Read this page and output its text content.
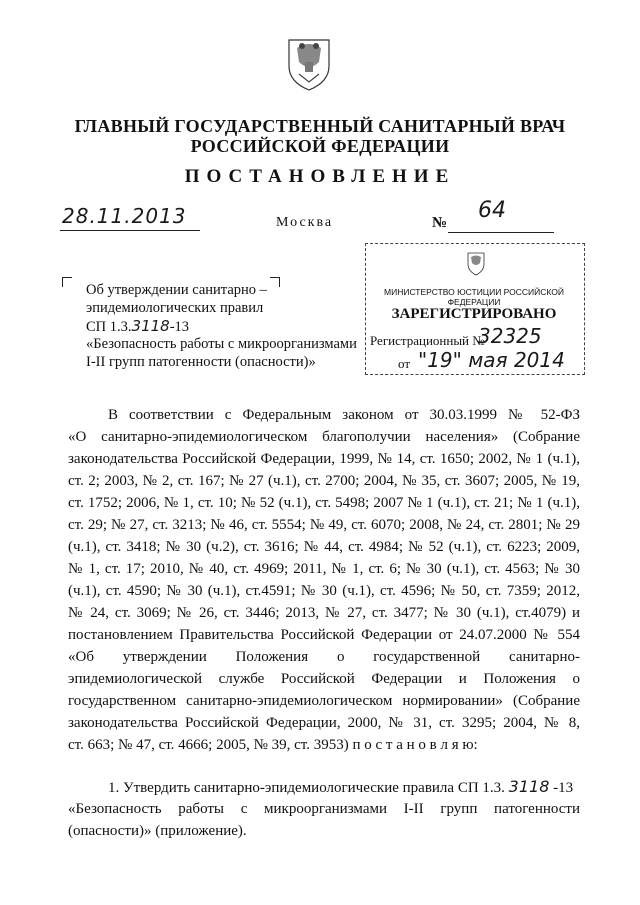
ГЛАВНЫЙ ГОСУДАРСТВЕННЫЙ САНИТАРНЫЙ ВРАЧ
РОССИЙСКОЙ ФЕДЕРАЦИИ
ПОСТАНОВЛЕНИЕ
28.11.2013	Москва	№ 64
Об утверждении санитарно –
эпидемиологических правил
СП 1.3.3118-13
«Безопасность работы с микроорганизмами
I-II групп патогенности (опасности)»
МИНИСТЕРСТВО ЮСТИЦИИ РОССИЙСКОЙ ФЕДЕРАЦИИ
ЗАРЕГИСТРИРОВАНО
Регистрационный №
32325
от "19" мая 2014
В соответствии с Федеральным законом от 30.03.1999 № 52-ФЗ
«О санитарно-эпидемиологическом благополучии населения» (Собрание
законодательства Российской Федерации, 1999, № 14, ст. 1650; 2002, № 1 (ч.1),
ст. 2; 2003, № 2, ст. 167; № 27 (ч.1), ст. 2700; 2004, № 35, ст. 3607; 2005, № 19,
ст. 1752; 2006, № 1, ст. 10; № 52 (ч.1), ст. 5498; 2007 № 1 (ч.1), ст. 21; № 1 (ч.1),
ст. 29; № 27, ст. 3213; № 46, ст. 5554; № 49, ст. 6070; 2008, № 24, ст. 2801; № 29
(ч.1), ст. 3418; № 30 (ч.2), ст. 3616; № 44, ст. 4984; № 52 (ч.1), ст. 6223; 2009,
№ 1, ст. 17; 2010, № 40, ст. 4969; 2011, № 1, ст. 6; № 30 (ч.1), ст. 4563; № 30
(ч.1), ст. 4590; № 30 (ч.1), ст.4591; № 30 (ч.1), ст. 4596; № 50, ст. 7359; 2012,
№ 24, ст. 3069; № 26, ст. 3446; 2013, № 27, ст. 3477; № 30 (ч.1), ст.4079) и
постановлением Правительства Российской Федерации от 24.07.2000 № 554
«Об утверждении Положения о государственной санитарно-
эпидемиологической службе Российской Федерации и Положения о
государственном санитарно-эпидемиологическом нормировании» (Собрание
законодательства Российской Федерации, 2000, № 31, ст. 3295; 2004, № 8,
ст. 663; № 47, ст. 4666; 2005, № 39, ст. 3953) п о с т а н о в л я ю:
1. Утвердить санитарно-эпидемиологические правила СП 1.3. 3118 -13
«Безопасность работы с микроорганизмами I-II групп патогенности
(опасности)» (приложение).
